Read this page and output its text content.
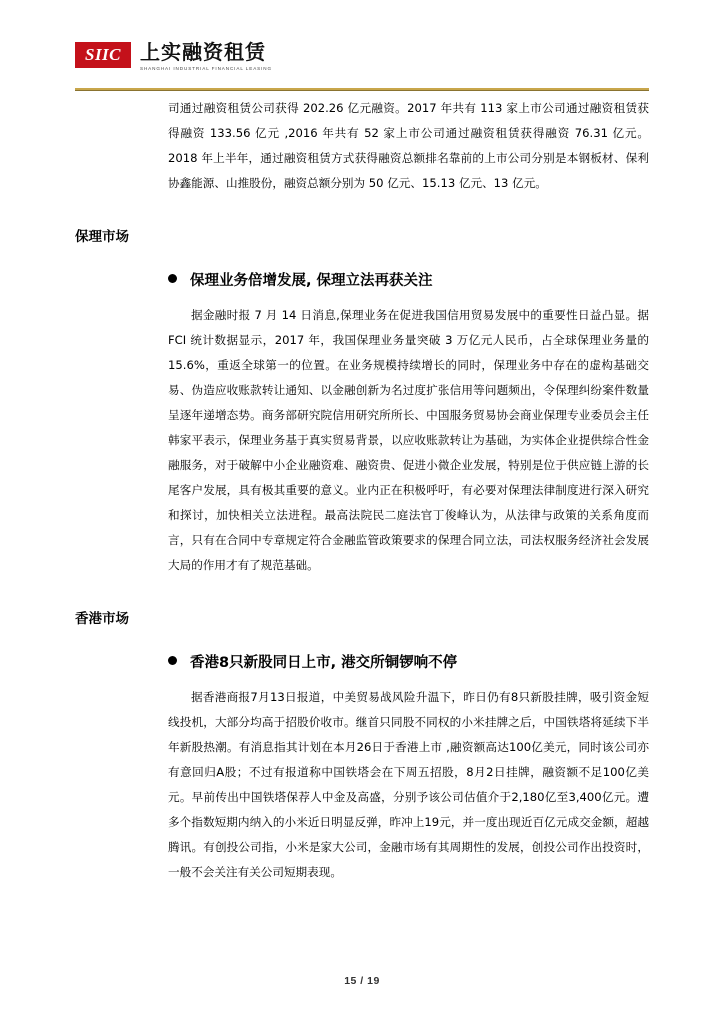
SIIC 上实融资租赁
SHANGHAI INDUSTRIAL FINANCIAL LEASING
司通过融资租赁公司获得 202.26 亿元融资。2017 年共有 113 家上市公司通过融资租赁获得融资 133.56 亿元 ,2016 年共有 52 家上市公司通过融资租赁获得融资 76.31 亿元。2018 年上半年，通过融资租赁方式获得融资总额排名靠前的上市公司分别是本钢板材、保利协鑫能源、山推股份，融资总额分别为 50 亿元、15.13 亿元、13 亿元。
保理市场
保理业务倍增发展, 保理立法再获关注
据金融时报 7 月 14 日消息,保理业务在促进我国信用贸易发展中的重要性日益凸显。据 FCI 统计数据显示，2017 年，我国保理业务量突破 3 万亿元人民币，占全球保理业务量的 15.6%，重返全球第一的位置。在业务规模持续增长的同时，保理业务中存在的虚构基础交易、伪造应收账款转让通知、以金融创新为名过度扩张信用等问题频出，令保理纠纷案件数量呈逐年递增态势。商务部研究院信用研究所所长、中国服务贸易协会商业保理专业委员会主任韩家平表示，保理业务基于真实贸易背景，以应收账款转让为基础，为实体企业提供综合性金融服务，对于破解中小企业融资难、融资贵、促进小微企业发展，特别是位于供应链上游的长尾客户发展，具有极其重要的意义。业内正在积极呼吁，有必要对保理法律制度进行深入研究和探讨，加快相关立法进程。最高法院民二庭法官丁俊峰认为，从法律与政策的关系角度而言，只有在合同中专章规定符合金融监管政策要求的保理合同立法，司法权服务经济社会发展大局的作用才有了规范基础。
香港市场
香港8只新股同日上市, 港交所铜锣响不停
据香港商报7月13日报道，中美贸易战风险升温下，昨日仍有8只新股挂牌，吸引资金短线投机，大部分均高于招股价收市。继首只同股不同权的小米挂牌之后，中国铁塔将延续下半年新股热潮。有消息指其计划在本月26日于香港上市 ,融资额高达100亿美元，同时该公司亦有意回归A股；不过有报道称中国铁塔会在下周五招股，8月2日挂牌，融资额不足100亿美元。早前传出中国铁塔保荐人中金及高盛，分别予该公司估值介于2,180亿至3,400亿元。遭多个指数短期内纳入的小米近日明显反弹，昨冲上19元，并一度出现近百亿元成交金额，超越腾讯。有创投公司指，小米是家大公司，金融市场有其周期性的发展，创投公司作出投资时，一般不会关注有关公司短期表现。
15 / 19
